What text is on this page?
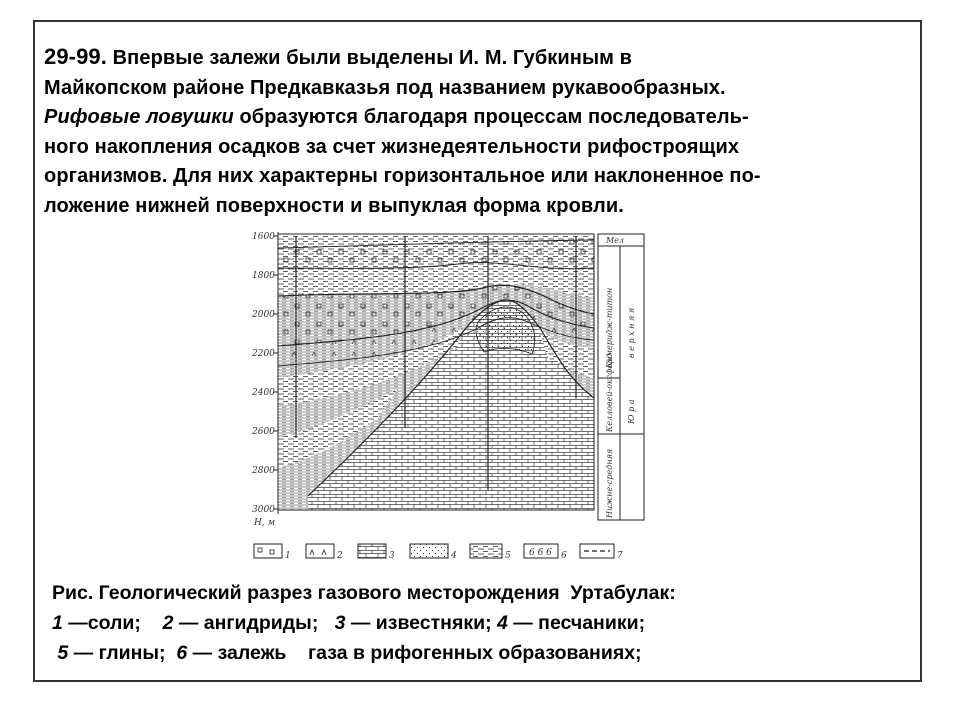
29-99. Впервые залежи были выделены И. М. Губкиным в
Майкопском районе Предкавказья под названием рукавообразных.
Рифовые ловушки образуются благодаря процессам последователь-
ного накопления осадков за счет жизнедеятельности рифостроящих
организмов. Для них характерны горизонтальное или наклоненное по-
ложение нижней поверхности и выпуклая форма кровли.
1600
1800
2000
2200
2400
2600
2800
3000
Н, м
Мел
Кимеридж-титон в е р х н я я
Ю р а
Келловей-оксфорд
Нижне-средняя
1	2	3	4	5 6 6 6 6	7
Рис. Геологический разрез газового месторождения  Уртабулак:
1 —соли;    2 — ангидриды;   3 — известняки; 4 — песчаники;
5 — глины;  6 — залежь    газа в рифогенных образованиях;
